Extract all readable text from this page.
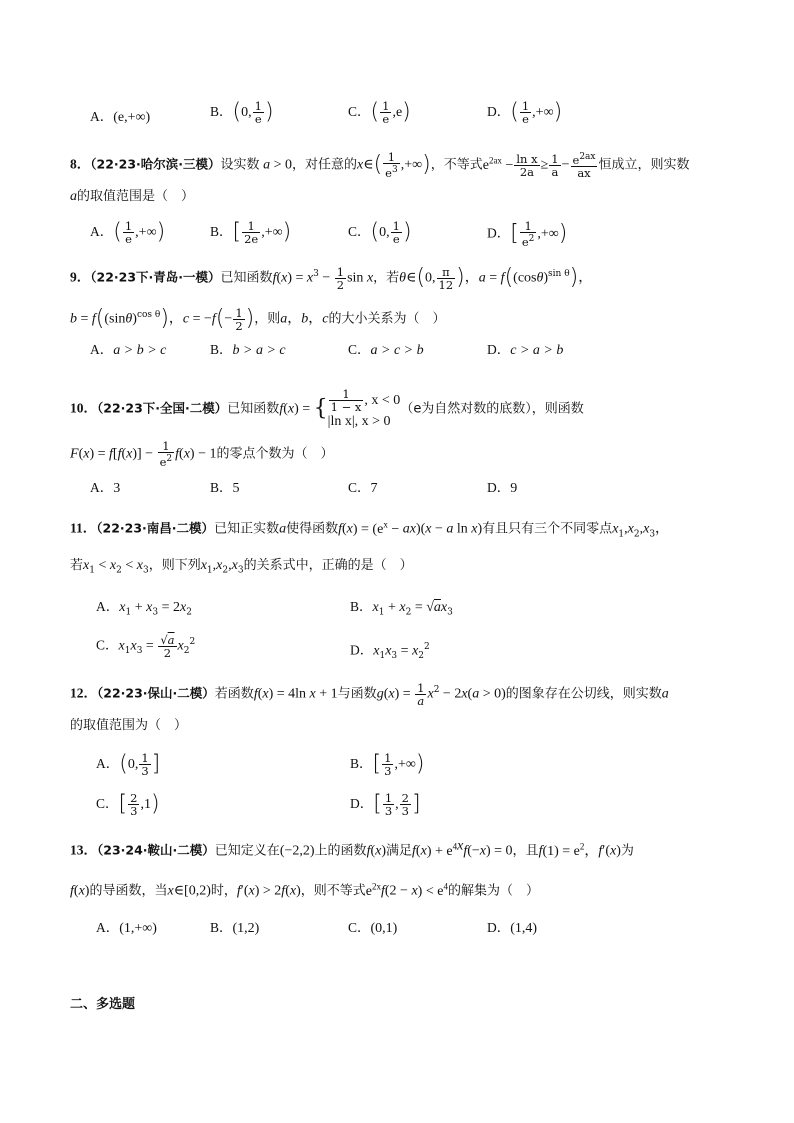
A．(e,+∞)	B．(0, $\frac{1}{e}$ )	C．( $\frac{1}{e} ,e$)	D．( $\frac{1}{e}$ ,+∞)
8．（22·23·哈尔滨·三模）设实数 a > 0，对任意的x∈( $\frac{1}{e^3}$ ,+∞)，不等式$e^{2ax} - \frac{\text{ln x}}{2a} \ge \frac{1}{a} - \frac{e^{2ax}}{ax}$ 恒成立，则实数
a的取值范围是（　）
A．( $\frac{1}{e}$ ,+∞)	B．[ $\frac{1}{2e}$ ,+∞)	C．(0, $\frac{1}{e}$ )	D．[ $\frac{1}{e^2}$ ,+∞)
9．（22·23下·青岛·一模）已知函数$f(x) = x^3 - \frac{1}{2}$ sin x，若θ∈(0, $\frac{\pi}{12}$ )，$a = f((\cos\theta)^{sin \theta})$，
$b = f((\sin\theta)^{cos \theta})$，$c = -f(- \frac{1}{2}$ )，则a，b，c的大小关系为（　）
A．a > b > c	B．b > a > c	C．a > c > b	D．c > a > b
10．（22·23下·全国·二模）已知函数f(x) = { $\frac{1}{1 - x}$ , x < 0
|ln x|, x > 0
（e为自然对数的底数），则函数
$F(x) = f[f(x)] - \frac{1}{e^2} f(x) - 1$的零点个数为（　）
A．3	B．5	C．7	D．9
11．（22·23·南昌·二模）已知正实数a使得函数$f(x) = (e^x - ax)(x - a$ ln x)有且只有三个不同零点$x_1,x_2,x_3$，
若$x_1 < x_2 < x_3$，则下列$x_1,x_2,x_3$的关系式中，正确的是（　）
A．$x_1 + x_3 = 2x_2$	B．$x_1 + x_2 = √ax_3$
C．$x_1x_3 = \frac{√a}{2} x_2^2$
D．$x_1x_3 = x_2^2$
12．（22·23·保山·二模）若函数f(x) = 4ln x + 1与函数$g(x) = \frac{1}{a} x^2 - 2x(a > 0)$的图象存在公切线，则实数a
的取值范围为（　）
A．(0, $\frac{1}{3}$ ]	B．[ $\frac{1}{3}$ ,+∞)
C．[ $\frac{2}{3} ,1$)	D．[ $\frac{1}{3}$ , $\frac{2}{3}$ ]
13．（23·24·鞍山·二模）已知定义在(−2,2)上的函数f(x)满足$f(x) + e^{4x}f(-x) = 0$，且$f(1) = e^2$，f′(x)为
f(x)的导函数，当x∈[0,2)时，f′(x) > 2f(x)，则不等式$e^{2x}f(2 - x) < e^4$的解集为（　）
A．(1,+∞)	B．(1,2)	C．(0,1)	D．(1,4)
二、多选题
